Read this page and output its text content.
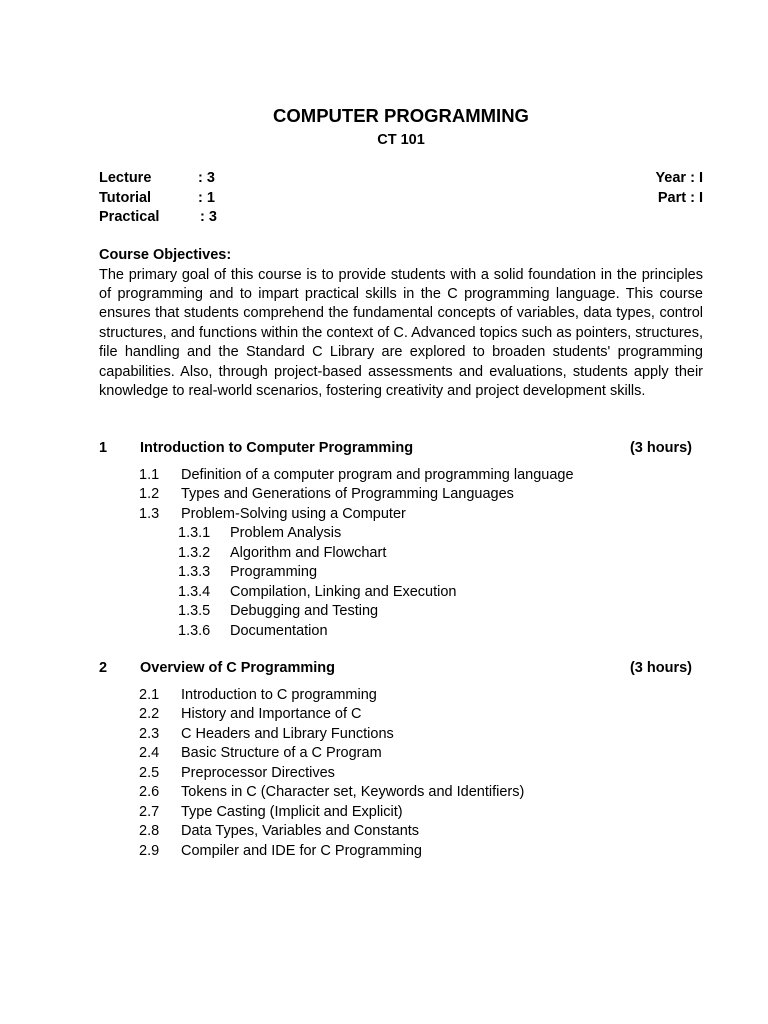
COMPUTER PROGRAMMING
CT 101
Lecture	: 3	Year : I
Tutorial	: 1	Part : I
Practical	: 3

Course Objectives:

The primary goal of this course is to provide students with a solid foundation in the principles of programming and to impart practical skills in the C programming language. This course ensures that students comprehend the fundamental concepts of variables, data types, control structures, and functions within the context of C. Advanced topics such as pointers, structures, file handling and the Standard C Library are explored to broaden students' programming capabilities. Also, through project-based assessments and evaluations, students apply their knowledge to real-world scenarios, fostering creativity and project development skills.

1 Introduction to Computer Programming	(3 hours)
1.1 Definition of a computer program and programming language
1.2 Types and Generations of Programming Languages
1.3 Problem-Solving using a Computer
1.3.1 Problem Analysis
1.3.2 Algorithm and Flowchart
1.3.3 Programming
1.3.4 Compilation, Linking and Execution
1.3.5 Debugging and Testing
1.3.6 Documentation
2 Overview of C Programming	(3 hours)
2.1 Introduction to C programming
2.2 History and Importance of C
2.3 C Headers and Library Functions
2.4 Basic Structure of a C Program
2.5 Preprocessor Directives
2.6 Tokens in C (Character set, Keywords and Identifiers)
2.7 Type Casting (Implicit and Explicit)
2.8 Data Types, Variables and Constants
2.9 Compiler and IDE for C Programming
